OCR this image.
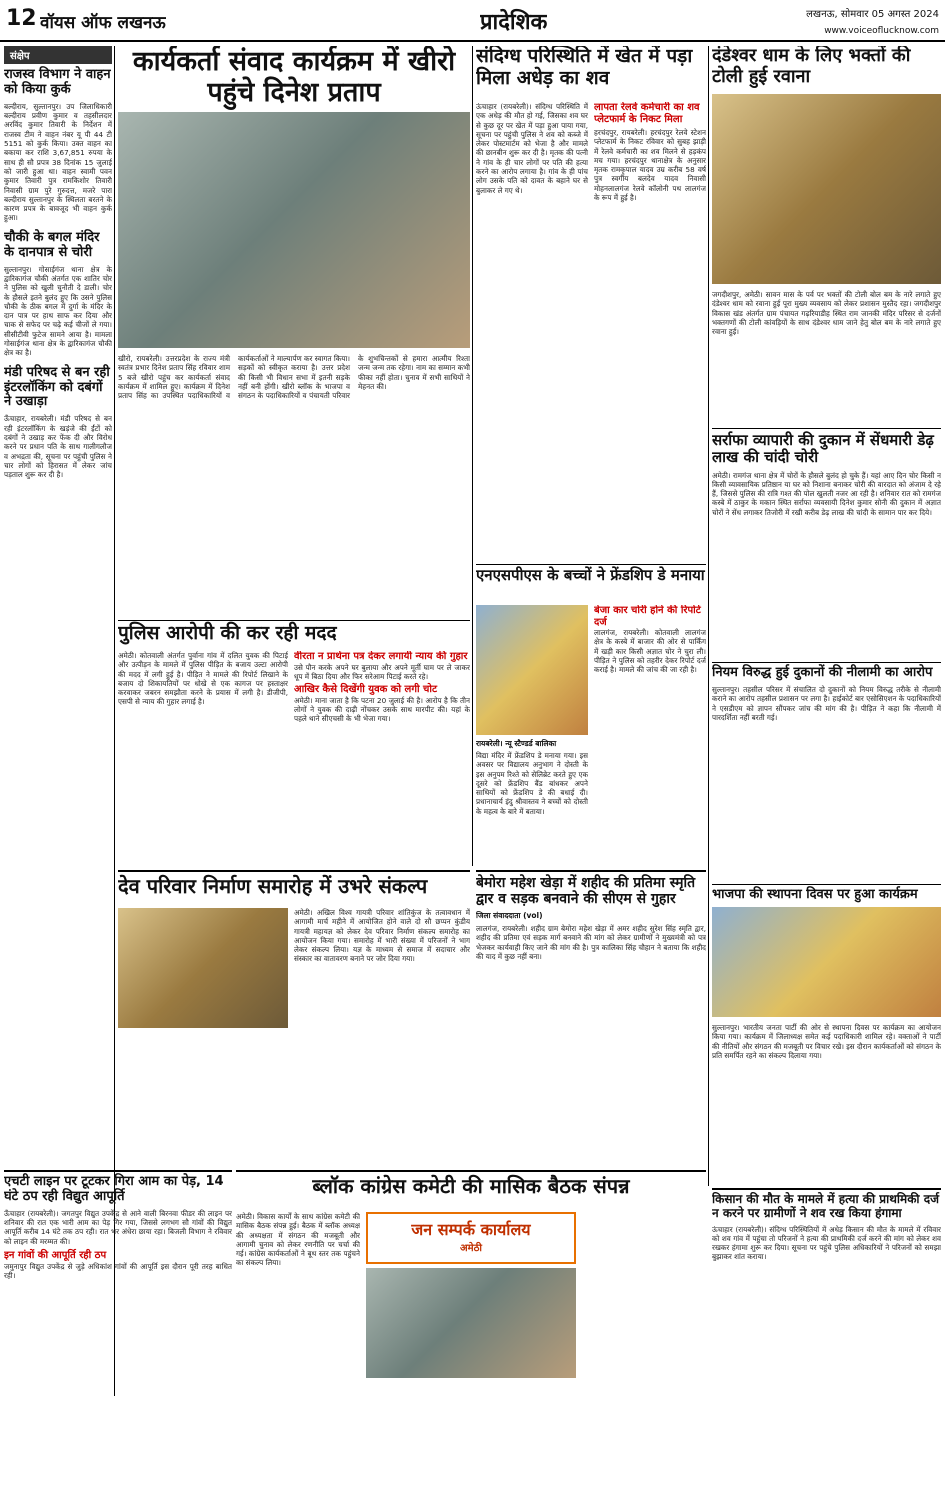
12 वॉयस ऑफ लखनऊ	प्रादेशिक	लखनऊ, सोमवार 05 अगस्त 2024
www.voiceoflucknow.com
संक्षेप
राजस्व विभाग ने वाहन को किया कुर्क
बल्दीराय, सुल्तानपुर। उप जिलाधिकारी बल्दीराय प्रवीण कुमार व तहसीलदार अरविंद कुमार तिवारी के निर्देशन में राजस्व टीम ने वाहन नंबर यू पी 44 टी 5151 को कुर्क किया। उक्त वाहन का बकाया कर राशि 3,67,851 रुपया के साथ ही सौ प्रपत्र 38 दिनांक 15 जुलाई को जारी हुआ था। वाहन स्वामी पवन कुमार तिवारी पुत्र रामकिशोर तिवारी निवासी ग्राम पुरे गुरुदत्त, मजरे पारा बल्दीराय सुल्तानपुर के स्थिलता बरतने के कारण प्रपत्र के बावजूद भी वाहन कुर्क हुआ।
चौकी के बगल मंदिर के दानपात्र से चोरी
सुल्तानपुर। गोसाईगंज थाना क्षेत्र के द्वारिकागंज चौकी अंतर्गत एक शातिर चोर ने पुलिस को खुली चुनौती दे डाली। चोर के हौसले इतने बुलंद हुए कि उसने पुलिस चौकी के ठीक बगल में दुर्गा के मंदिर के दान पात्र पर हाथ साफ कर दिया और चाक से सफेद पर चढ़े कई चीजों ले गया। सीसीटीवी फुटेज सामने आया है। मामला गोसाईगंज थाना क्षेत्र के द्वारिकागंज चौकी क्षेत्र का है।
मंडी परिषद से बन रही इंटरलॉकिंग को दबंगों ने उखाड़ा
ऊँचाहार, रायबरेली। मंडी परिषद से बन रही इंटरलॉकिंग के खड़ंजे की ईंटों को दबंगों ने उखाड़ कर फेंक दी और विरोध करने पर प्रधान पति के साथ गालीगलौज व अभद्रता की, सूचना पर पहुंची पुलिस ने चार लोगों को हिरासत में लेकर जांच पड़ताल शुरू कर दी है।
कार्यकर्ता संवाद कार्यक्रम में खीरो पहुंचे दिनेश प्रताप
खीरो, रायबरेली। उत्तरप्रदेश के राज्य मंत्री स्वतंत्र प्रभार दिनेश प्रताप सिंह रविवार शाम 5 बजे खीरो पहुंच कर कार्यकर्ता संवाद कार्यक्रम में शामिल हुए। कार्यक्रम में दिनेश प्रताप सिंह का उपस्थित पदाधिकारियों व कार्यकर्ताओं ने माल्यार्पण कर स्वागत किया। सड़कों को स्वीकृत कराया है। उत्तर प्रदेश की किसी भी विधान सभा में इतनी सड़के नहीं बनी होंगी। खीरो ब्लॉक के भाजपा व संगठन के पदाधिकारियों व पंचायती परिवार के शुभचिन्तकों से हमारा आत्मीय रिश्ता जन्म जन्म तक रहेगा। नाम का सम्मान कभी फीका नहीं होता। चुनाव में सभी साथियों ने मेहनत की।
संदिग्ध परिस्थिति में खेत में पड़ा मिला अधेड़ का शव
ऊंचाहार (रायबरेली)। संदिग्ध परिस्थिति में एक अधेड़ की मौत हो गई, जिसका शव घर से कुछ दूर पर खेत में पड़ा हुआ पाया गया, सूचना पर पहुंची पुलिस ने शव को कब्जे में लेकर पोस्टमार्टम को भेजा है और मामले की छानबीन शुरू कर दी है। मृतक की पत्नी ने गांव के ही चार लोगों पर पति की हत्या करने का आरोप लगाया है। गांव के ही पांच लोग उसके पति को दावत के बहाने घर से बुलाकर ले गए थे।
लापता रेलवे कर्मचारी का शव प्लेटफार्म के निकट मिला
हरचंदपुर, रायबरेली। हरचंदपुर रेलवे स्टेशन प्लेटफार्म के निकट रविवार को सुबह झाड़ी में रेलवे कर्मचारी का शव मिलने से हड़कंप मच गया। हरचंदपुर थानाक्षेत्र के अनुसार मृतक रामकृपाल यादव उम्र करीब 58 वर्ष पुत्र स्वर्गीय बलदेव यादव निवासी मोहनलालगंज रेलवे कॉलोनी पथ लालगंज के रूप में हुई है।
दंडेश्वर धाम के लिए भक्तों की टोली हुई रवाना
जगदीशपुर, अमेठी। सावन मास के पर्व पर भक्तों की टोली बोल बम के नारे लगाते हुए दंडेश्वर धाम को रवाना हुई पूरा मुख्य व्यवसाय को लेकर प्रशासन मुस्तैद रहा। जगदीशपुर विकास खंड अंतर्गत ग्राम पंचायत गढ़रियाडीह स्थित राम जानकी मंदिर परिसर से दर्जनों भक्तगणों की टोली कांवड़ियों के साथ दंडेश्वर धाम जाने हेतु बोल बम के नारे लगाते हुए रवाना हुई।
सर्राफा व्यापारी की दुकान में सेंधमारी डेढ़ लाख की चांदी चोरी
अमेठी। रामगंज थाना क्षेत्र में चोरों के हौसले बुलंद हो चुके हैं। यहां आए दिन चोर किसी न किसी व्यावसायिक प्रतिष्ठान या घर को निशाना बनाकर चोरी की वारदात को अंजाम दे रहे हैं, जिससे पुलिस की रात्रि गश्त की पोल खुलती नजर आ रही है। शनिवार रात को रामगंज कस्बे में ठाकुर के मकान स्थित सर्राफा व्यवसायी दिनेश कुमार सोनी की दुकान में अज्ञात चोरों ने सेंध लगाकर तिजोरी में रखी करीब डेढ़ लाख की चांदी के सामान पार कर दिये।
नियम विरुद्ध हुई दुकानों की नीलामी का आरोप
सुल्तानपुर। तहसील परिसर में संचालित दो दुकानों को नियम विरुद्ध तरीके से नीलामी कराने का आरोप तहसील प्रशासन पर लगा है। हाईकोर्ट बार एसोसिएशन के पदाधिकारियों ने एसडीएम को ज्ञापन सौंपकर जांच की मांग की है। पीड़ित ने कहा कि नीलामी में पारदर्शिता नहीं बरती गई।
भाजपा की स्थापना दिवस पर हुआ कार्यक्रम
सुल्तानपुर। भारतीय जनता पार्टी की ओर से स्थापना दिवस पर कार्यक्रम का आयोजन किया गया। कार्यक्रम में जिलाध्यक्ष समेत कई पदाधिकारी शामिल रहे। वक्ताओं ने पार्टी की नीतियों और संगठन की मजबूती पर विचार रखे। इस दौरान कार्यकर्ताओं को संगठन के प्रति समर्पित रहने का संकल्प दिलाया गया।
पुलिस आरोपी की कर रही मदद
अमेठी। कोतवाली अंतर्गत पुर्वाना गांव में दलित युवक की पिटाई और उत्पीड़न के मामले में पुलिस पीड़ित के बजाय उल्टा आरोपी की मदद में लगी हुई है। पीड़ित ने मामले की रिपोर्ट लिखाने के बजाय दो शिकायतियों पर धोखे से एक कागज पर हस्ताक्षर करवाकर जबरन समझौता करने के प्रयास में लगी है। डीजीपी, एसपी से न्याय की गुहार लगाई है।
वीरता न प्रार्थना पत्र देकर लगायी न्याय की गुहार
उसे पौन करके अपने घर बुलाया और अपने मूर्ती घाम पर ले जाकर धूप में बिठा दिया और फिर सरेआम पिटाई करते रहे।
आखिर कैसे दिखेंगी युवक को लगी चोट
अमेठी। माना जाता है कि पटना 20 जुलाई की है। आरोप है कि तीन लोगों ने युवक की दाढ़ी नोंचकर उसके साथ मारपीट की। यहां के पहले थाने सीएचसी के भी भेजा गया।
एनएसपीएस के बच्चों ने फ्रेंडशिप डे मनाया
रायबरेली। न्यू स्टैण्डर्ड बालिका
विद्या मंदिर में फ्रेंडशिप डे मनाया गया। इस अवसर पर विद्यालय अनुभाग ने दोस्ती के इस अनुपम रिश्ते को सेलिब्रेट करते हुए एक दूसरे को फ्रेंडशिप बैंड बांधकर अपने साथियों को फ्रेंडशिप डे की बधाई दी। प्रधानाचार्य इंदु श्रीवास्तव ने बच्चों को दोस्ती के महत्व के बारे में बताया।
बेजा कार चोरी होने की रिपोर्ट दर्ज
लालगंज, रायबरेली। कोतवाली लालगंज क्षेत्र के कस्बे में बाजार की ओर से पार्किंग में खड़ी कार किसी अज्ञात चोर ने चुरा ली। पीड़ित ने पुलिस को तहरीर देकर रिपोर्ट दर्ज कराई है। मामले की जांच की जा रही है।
देव परिवार निर्माण समारोह में उभरे संकल्प
अमेठी। अखिल विश्व गायत्री परिवार शांतिकुंज के तत्वावधान में आगामी मार्च महीने में आयोजित होने वाले दो सौ छप्पन कुंडीय गायत्री महायज्ञ को लेकर देव परिवार निर्माण संकल्प समारोह का आयोजन किया गया। समारोह में भारी संख्या में परिजनों ने भाग लेकर संकल्प लिया। यज्ञ के माध्यम से समाज में सदाचार और संस्कार का वातावरण बनाने पर जोर दिया गया।
बेमोरा महेश खेड़ा में शहीद की प्रतिमा स्मृति द्वार व सड़क बनवाने की सीएम से गुहार
जिला संवाददाता (vol)
लालगंज, रायबरेली। शहीद ग्राम बेमोरा महेश खेड़ा में अमर शहीद सुरेश सिंह स्मृति द्वार, शहीद की प्रतिमा एवं सड़क मार्ग बनवाने की मांग को लेकर ग्रामीणों ने मुख्यमंत्री को पत्र भेजकर कार्यवाही किए जाने की मांग की है। पुत्र कालिका सिंह चौहान ने बताया कि शहीद की याद में कुछ नहीं बना।
एचटी लाइन पर टूटकर गिरा आम का पेड़, 14 घंटे ठप रही विद्युत आपूर्ति
ऊँचाहार (रायबरेली)। जगतपुर विद्युत उपकेंद्र से आने वाली बिरनवा फीडर की लाइन पर शनिवार की रात एक भारी आम का पेड़ गिर गया, जिससे लगभग सौ गांवों की विद्युत आपूर्ति करीब 14 घंटे तक ठप रही। रात भर अंधेरा छाया रहा। बिजली विभाग ने रविवार को लाइन की मरम्मत की।
इन गांवों की आपूर्ति रही ठप
जमुनापुर विद्युत उपकेंद्र से जुड़े अधिकांश गांवों की आपूर्ति इस दौरान पूरी तरह बाधित रही।
ब्लॉक कांग्रेस कमेटी की मासिक बैठक संपन्न
जन सम्पर्क कार्यालय
अमेठी
अमेठी। विकास कार्यों के साथ कांग्रेस कमेटी की मासिक बैठक संपन्न हुई। बैठक में ब्लॉक अध्यक्ष की अध्यक्षता में संगठन की मजबूती और आगामी चुनाव को लेकर रणनीति पर चर्चा की गई। कांग्रेस कार्यकर्ताओं ने बूथ स्तर तक पहुंचने का संकल्प लिया।
किसान की मौत के मामले में हत्या की प्राथमिकी दर्ज न करने पर ग्रामीणों ने शव रख किया हंगामा
ऊंचाहार (रायबरेली)। संदिग्ध परिस्थितियों में अधेड़ किसान की मौत के मामले में रविवार को शव गांव में पहुंचा तो परिजनों ने हत्या की प्राथमिकी दर्ज करने की मांग को लेकर शव रखकर हंगामा शुरू कर दिया। सूचना पर पहुंचे पुलिस अधिकारियों ने परिजनों को समझा बुझाकर शांत कराया।
